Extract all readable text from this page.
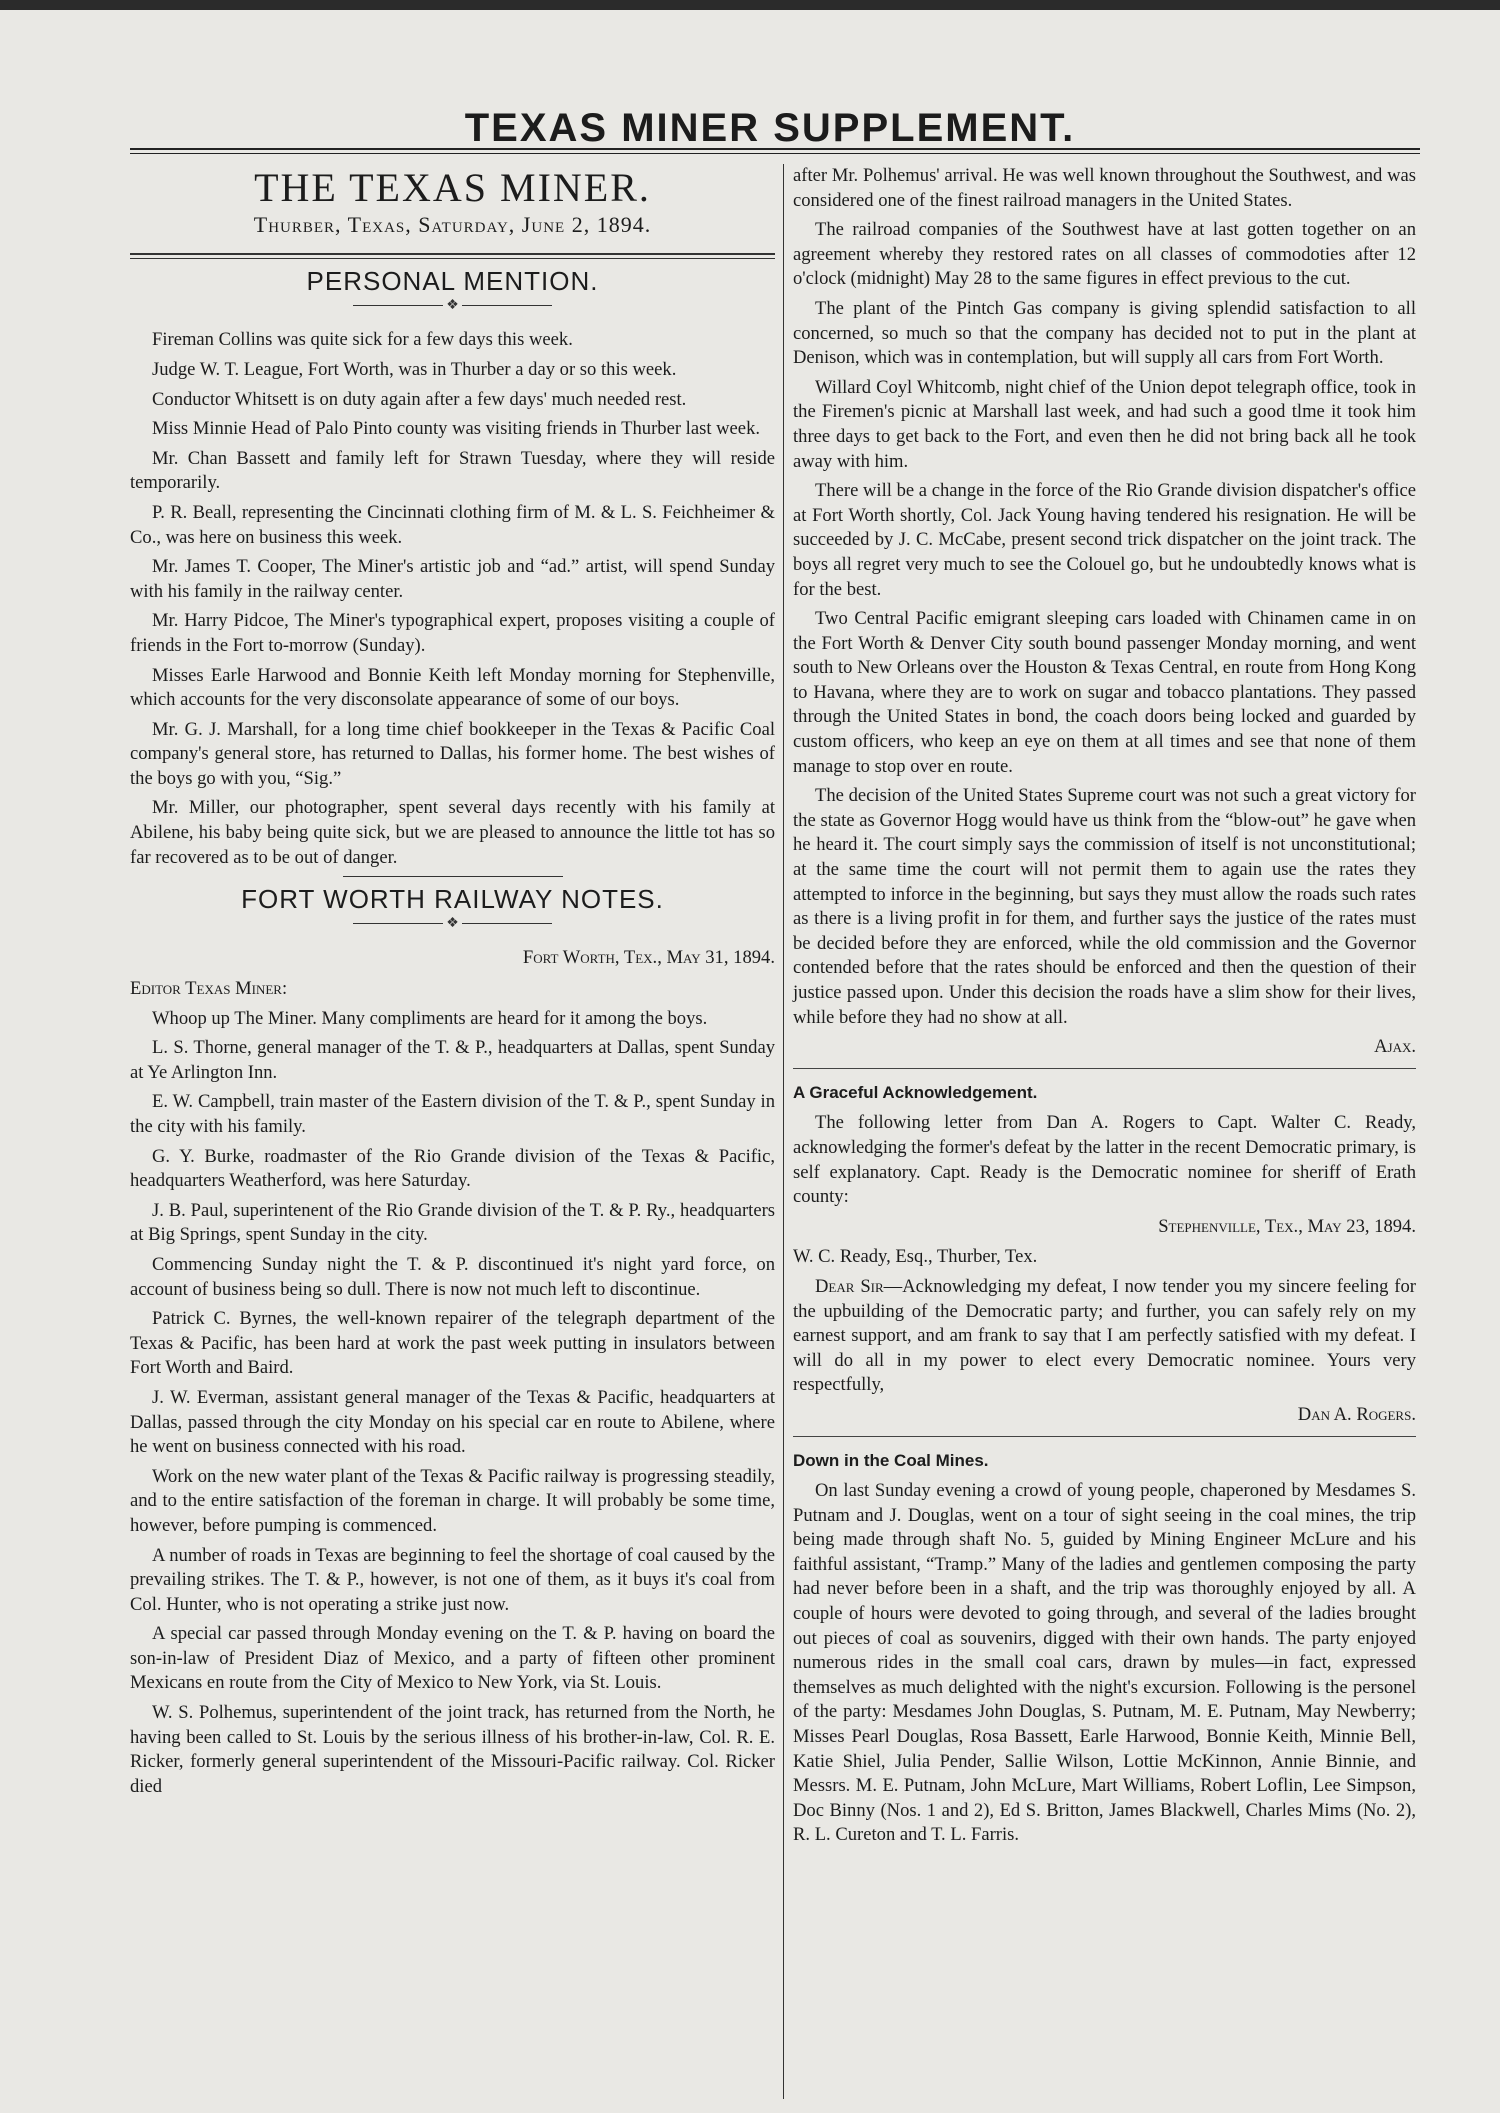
TEXAS MINER SUPPLEMENT.
THE TEXAS MINER.
Thurber, Texas, Saturday, June 2, 1894.
PERSONAL MENTION.
❖

Fireman Collins was quite sick for a few days this week.

Judge W. T. League, Fort Worth, was in Thurber a day or so this week.

Conductor Whitsett is on duty again after a few days' much needed rest.

Miss Minnie Head of Palo Pinto county was visiting friends in Thurber last week.

Mr. Chan Bassett and family left for Strawn Tuesday, where they will reside temporarily.

P. R. Beall, representing the Cincinnati clothing firm of M. & L. S. Feichheimer & Co., was here on business this week.

Mr. James T. Cooper, The Miner's artistic job and “ad.” artist, will spend Sunday with his family in the railway center.

Mr. Harry Pidcoe, The Miner's typographical expert, proposes visiting a couple of friends in the Fort to-morrow (Sunday).

Misses Earle Harwood and Bonnie Keith left Monday morning for Stephenville, which accounts for the very disconsolate appearance of some of our boys.

Mr. G. J. Marshall, for a long time chief bookkeeper in the Texas & Pacific Coal company's general store, has returned to Dallas, his former home. The best wishes of the boys go with you, “Sig.”

Mr. Miller, our photographer, spent several days recently with his family at Abilene, his baby being quite sick, but we are pleased to announce the little tot has so far recovered as to be out of danger.

FORT WORTH RAILWAY NOTES.
❖

Fort Worth, Tex., May 31, 1894.

Editor Texas Miner:

Whoop up The Miner. Many compliments are heard for it among the boys.

L. S. Thorne, general manager of the T. & P., headquarters at Dallas, spent Sunday at Ye Arlington Inn.

E. W. Campbell, train master of the Eastern division of the T. & P., spent Sunday in the city with his family.

G. Y. Burke, roadmaster of the Rio Grande division of the Texas & Pacific, headquarters Weatherford, was here Saturday.

J. B. Paul, superintenent of the Rio Grande division of the T. & P. Ry., headquarters at Big Springs, spent Sunday in the city.

Commencing Sunday night the T. & P. discontinued it's night yard force, on account of business being so dull. There is now not much left to discontinue.

Patrick C. Byrnes, the well-known repairer of the telegraph department of the Texas & Pacific, has been hard at work the past week putting in insulators between Fort Worth and Baird.

J. W. Everman, assistant general manager of the Texas & Pacific, headquarters at Dallas, passed through the city Monday on his special car en route to Abilene, where he went on business connected with his road.

Work on the new water plant of the Texas & Pacific railway is progressing steadily, and to the entire satisfaction of the foreman in charge. It will probably be some time, however, before pumping is commenced.

A number of roads in Texas are beginning to feel the shortage of coal caused by the prevailing strikes. The T. & P., however, is not one of them, as it buys it's coal from Col. Hunter, who is not operating a strike just now.

A special car passed through Monday evening on the T. & P. having on board the son-in-law of President Diaz of Mexico, and a party of fifteen other prominent Mexicans en route from the City of Mexico to New York, via St. Louis.

W. S. Polhemus, superintendent of the joint track, has returned from the North, he having been called to St. Louis by the serious illness of his brother-in-law, Col. R. E. Ricker, formerly general superintendent of the Missouri-Pacific railway. Col. Ricker died

after Mr. Polhemus' arrival. He was well known throughout the Southwest, and was considered one of the finest railroad managers in the United States.

The railroad companies of the Southwest have at last gotten together on an agreement whereby they restored rates on all classes of commodoties after 12 o'clock (midnight) May 28 to the same figures in effect previous to the cut.

The plant of the Pintch Gas company is giving splendid satisfaction to all concerned, so much so that the company has decided not to put in the plant at Denison, which was in contemplation, but will supply all cars from Fort Worth.

Willard Coyl Whitcomb, night chief of the Union depot telegraph office, took in the Firemen's picnic at Marshall last week, and had such a good tlme it took him three days to get back to the Fort, and even then he did not bring back all he took away with him.

There will be a change in the force of the Rio Grande division dispatcher's office at Fort Worth shortly, Col. Jack Young having tendered his resignation. He will be succeeded by J. C. McCabe, present second trick dispatcher on the joint track. The boys all regret very much to see the Colouel go, but he undoubtedly knows what is for the best.

Two Central Pacific emigrant sleeping cars loaded with Chinamen came in on the Fort Worth & Denver City south bound passenger Monday morning, and went south to New Orleans over the Houston & Texas Central, en route from Hong Kong to Havana, where they are to work on sugar and tobacco plantations. They passed through the United States in bond, the coach doors being locked and guarded by custom officers, who keep an eye on them at all times and see that none of them manage to stop over en route.

The decision of the United States Supreme court was not such a great victory for the state as Governor Hogg would have us think from the “blow-out” he gave when he heard it. The court simply says the commission of itself is not unconstitutional; at the same time the court will not permit them to again use the rates they attempted to inforce in the beginning, but says they must allow the roads such rates as there is a living profit in for them, and further says the justice of the rates must be decided before they are enforced, while the old commission and the Governor contended before that the rates should be enforced and then the question of their justice passed upon. Under this decision the roads have a slim show for their lives, while before they had no show at all.

Ajax.

A Graceful Acknowledgement.

The following letter from Dan A. Rogers to Capt. Walter C. Ready, acknowledging the former's defeat by the latter in the recent Democratic primary, is self explanatory. Capt. Ready is the Democratic nominee for sheriff of Erath county:

Stephenville, Tex., May 23, 1894.

W. C. Ready, Esq., Thurber, Tex.

Dear Sir—Acknowledging my defeat, I now tender you my sincere feeling for the upbuilding of the Democratic party; and further, you can safely rely on my earnest support, and am frank to say that I am perfectly satisfied with my defeat. I will do all in my power to elect every Democratic nominee. Yours very respectfully,

Dan A. Rogers.

Down in the Coal Mines.

On last Sunday evening a crowd of young people, chaperoned by Mesdames S. Putnam and J. Douglas, went on a tour of sight seeing in the coal mines, the trip being made through shaft No. 5, guided by Mining Engineer McLure and his faithful assistant, “Tramp.” Many of the ladies and gentlemen composing the party had never before been in a shaft, and the trip was thoroughly enjoyed by all. A couple of hours were devoted to going through, and several of the ladies brought out pieces of coal as souvenirs, digged with their own hands. The party enjoyed numerous rides in the small coal cars, drawn by mules—in fact, expressed themselves as much delighted with the night's excursion. Following is the personel of the party: Mesdames John Douglas, S. Putnam, M. E. Putnam, May Newberry; Misses Pearl Douglas, Rosa Bassett, Earle Harwood, Bonnie Keith, Minnie Bell, Katie Shiel, Julia Pender, Sallie Wilson, Lottie McKinnon, Annie Binnie, and Messrs. M. E. Putnam, John McLure, Mart Williams, Robert Loflin, Lee Simpson, Doc Binny (Nos. 1 and 2), Ed S. Britton, James Blackwell, Charles Mims (No. 2), R. L. Cureton and T. L. Farris.
